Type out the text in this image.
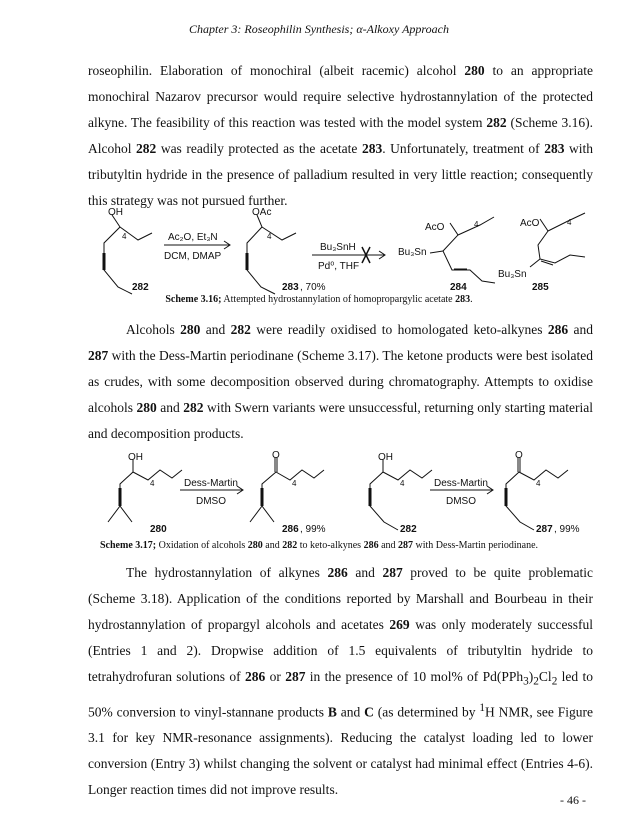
Chapter 3: Roseophilin Synthesis; α-Alkoxy Approach

roseophilin. Elaboration of monochiral (albeit racemic) alcohol 280 to an appropriate monochiral Nazarov precursor would require selective hydrostannylation of the protected alkyne. The feasibility of this reaction was tested with the model system 282 (Scheme 3.16). Alcohol 282 was readily protected as the acetate 283. Unfortunately, treatment of 283 with tributyltin hydride in the presence of palladium resulted in very little reaction; consequently this strategy was not pursued further.

OH
4	Ac₂O, Et₃N
DCM, DMAP
282
OAc
4
283 , 70%
Bu₃SnH
Pd⁰, THF
AcO	4
Bu₃Sn
284
AcO	4
Bu₃Sn
285
Scheme 3.16; Attempted hydrostannylation of homopropargylic acetate 283.

Alcohols 280 and 282 were readily oxidised to homologated keto-alkynes 286 and 287 with the Dess-Martin periodinane (Scheme 3.17). The ketone products were best isolated as crudes, with some decomposition observed during chromatography. Attempts to oxidise alcohols 280 and 282 with Swern variants were unsuccessful, returning only starting material and decomposition products.

OH
4	Dess-Martin
DMSO
280
O
4
286 , 99%
OH
4	Dess-Martin
DMSO
282
O
4
287 , 99%
Scheme 3.17; Oxidation of alcohols 280 and 282 to keto-alkynes 286 and 287 with Dess-Martin periodinane.

The hydrostannylation of alkynes 286 and 287 proved to be quite problematic (Scheme 3.18). Application of the conditions reported by Marshall and Bourbeau in their hydrostannylation of propargyl alcohols and acetates 269 was only moderately successful (Entries 1 and 2). Dropwise addition of 1.5 equivalents of tributyltin hydride to tetrahydrofuran solutions of 286 or 287 in the presence of 10 mol% of $Pd(PPh_3)_2Cl_2$ led to 50% conversion to vinyl-stannane products B and C (as determined by $^1$H NMR, see Figure 3.1 for key NMR-resonance assignments). Reducing the catalyst loading led to lower conversion (Entry 3) whilst changing the solvent or catalyst had minimal effect (Entries 4-6). Longer reaction times did not improve results.

- 46 -
